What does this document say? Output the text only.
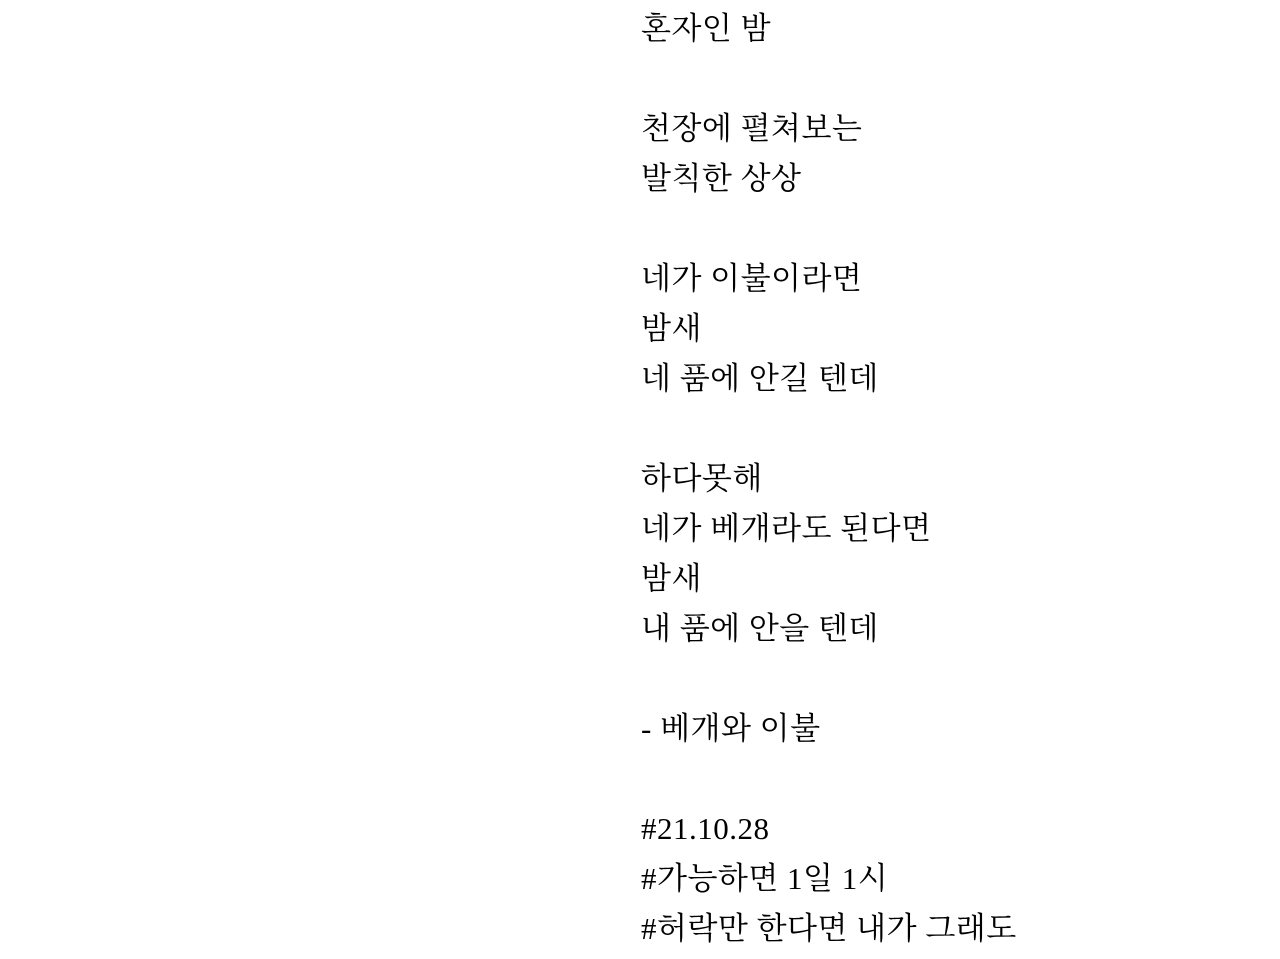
혼자인 밤

천장에 펼쳐보는

발칙한 상상

네가 이불이라면

밤새

네 품에 안길 텐데

하다못해

네가 베개라도 된다면

밤새

내 품에 안을 텐데

- 베개와 이불

#21.10.28

#가능하면 1일 1시

#허락만 한다면 내가 그래도
